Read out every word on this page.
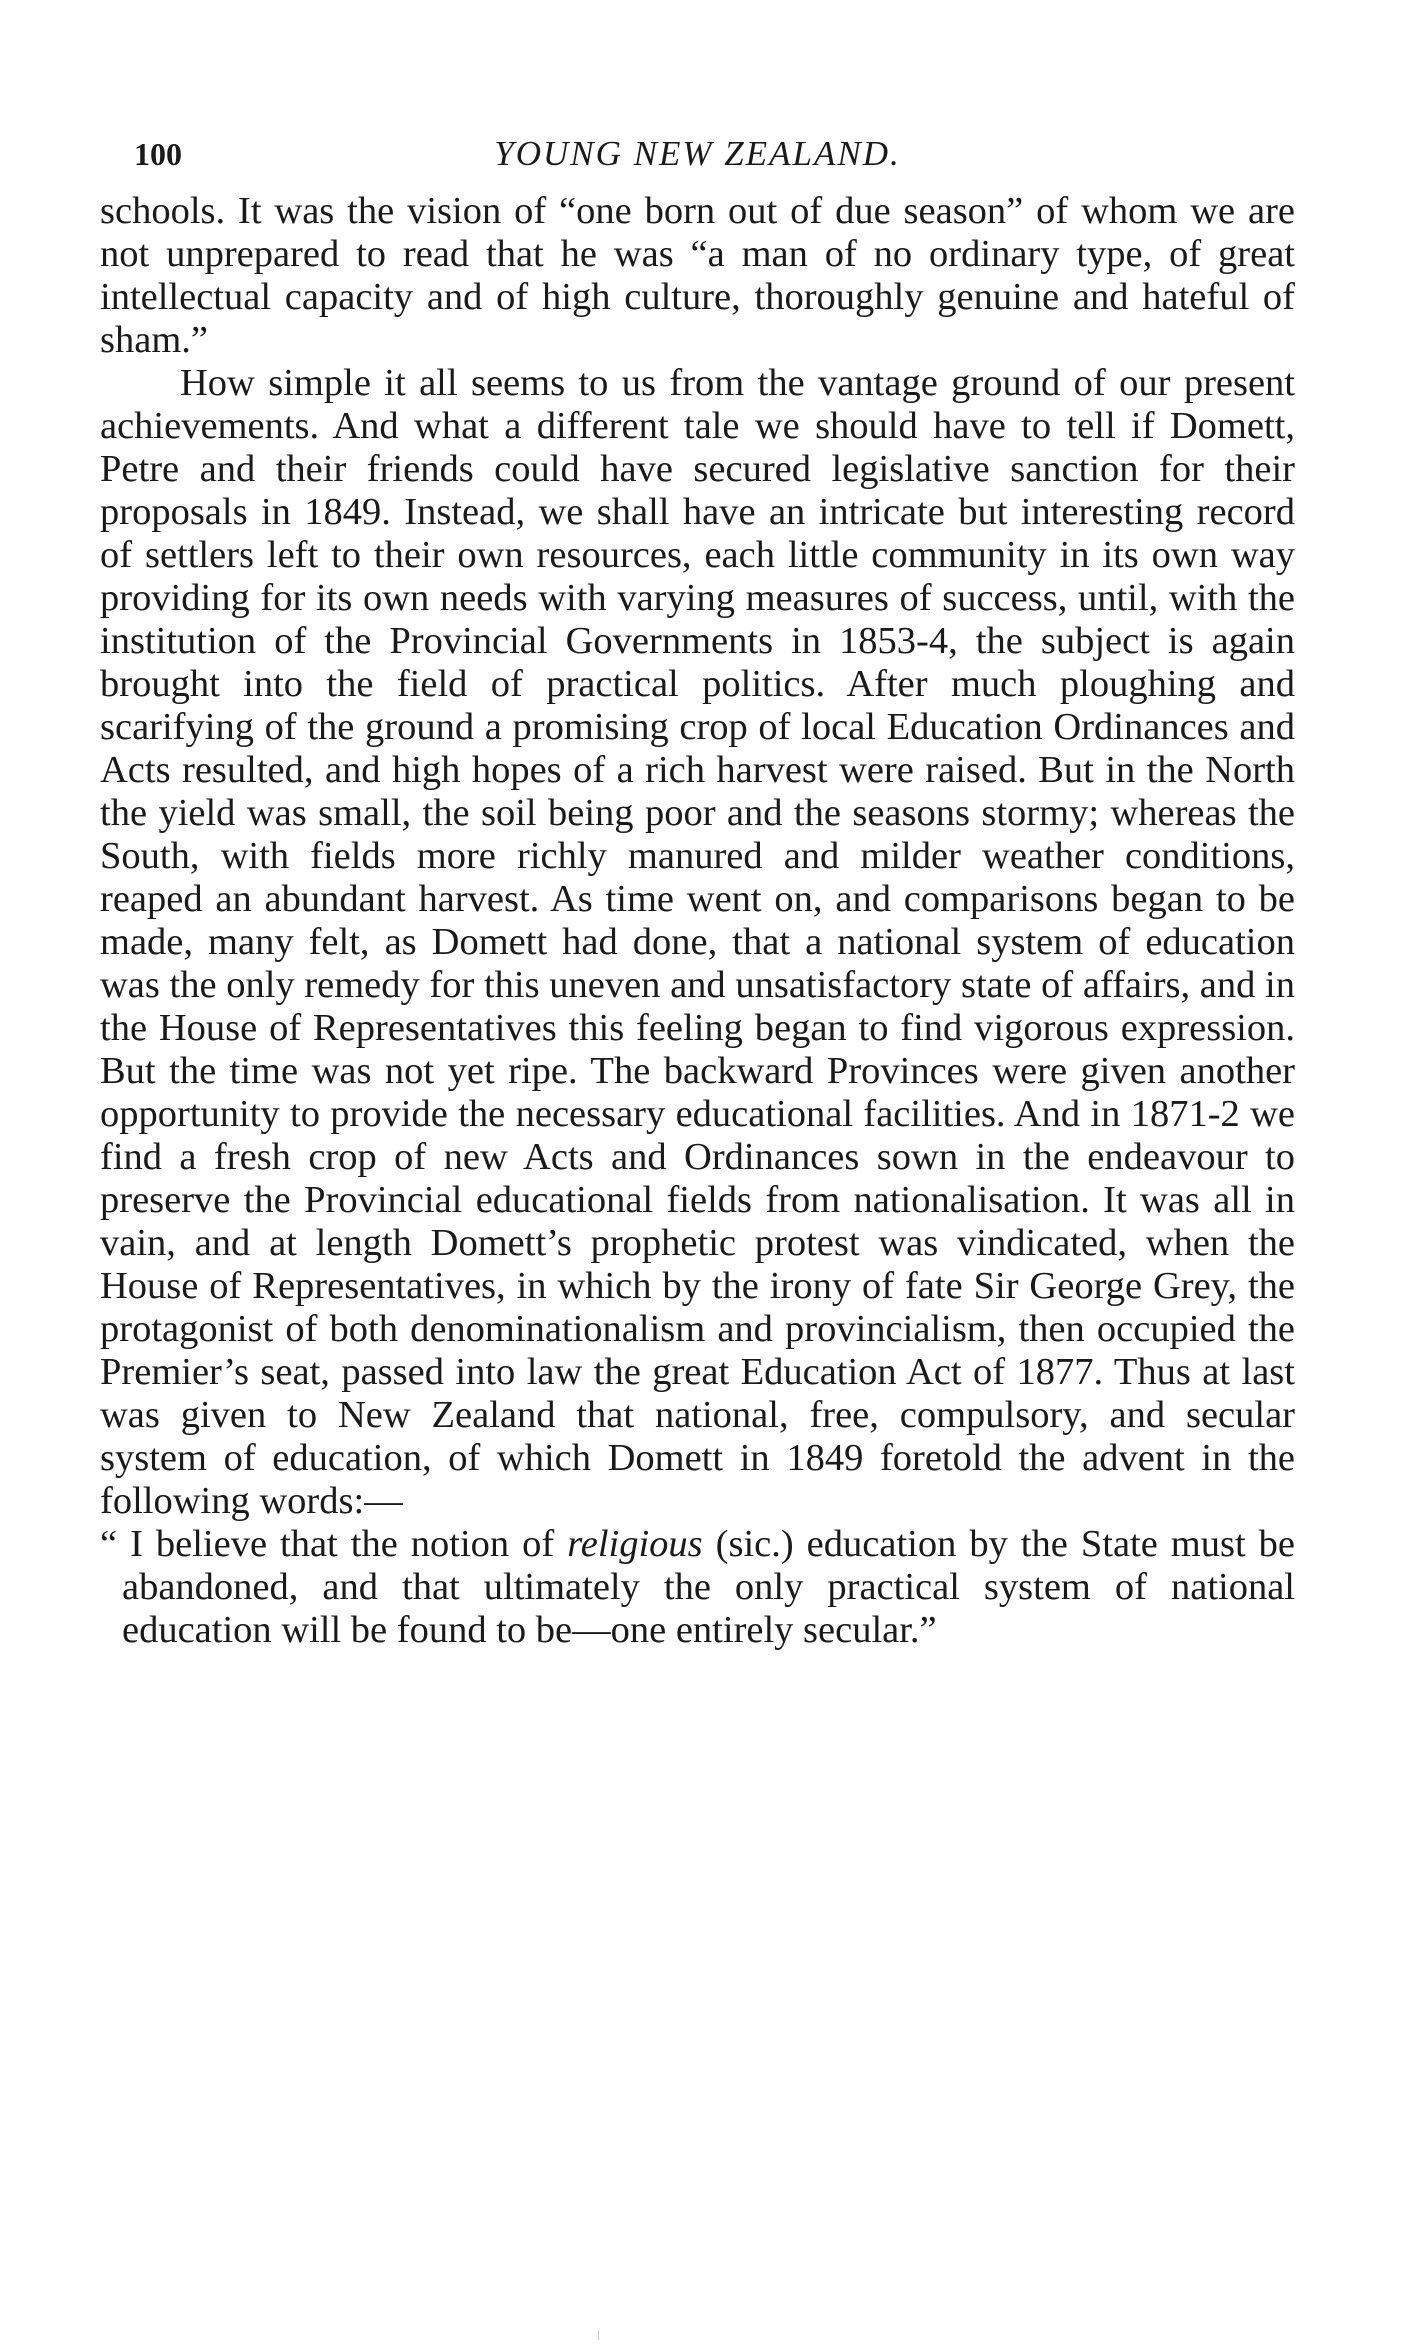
100	YOUNG NEW ZEALAND.

schools. It was the vision of “one born out of due season” of whom we are not unprepared to read that he was “a man of no ordinary type, of great intellectual capacity and of high culture, thoroughly genuine and hateful of sham.”

How simple it all seems to us from the vantage ground of our present achievements. And what a different tale we should have to tell if Domett, Petre and their friends could have secured legislative sanction for their proposals in 1849. Instead, we shall have an intricate but interesting record of settlers left to their own resources, each little community in its own way providing for its own needs with varying measures of success, until, with the institution of the Provincial Governments in 1853-4, the subject is again brought into the field of practical politics. After much ploughing and scarifying of the ground a promising crop of local Education Ordinances and Acts resulted, and high hopes of a rich harvest were raised. But in the North the yield was small, the soil being poor and the seasons stormy; whereas the South, with fields more richly manured and milder weather conditions, reaped an abundant harvest. As time went on, and comparisons began to be made, many felt, as Domett had done, that a national system of education was the only remedy for this uneven and unsatisfactory state of affairs, and in the House of Representatives this feeling began to find vigorous expression. But the time was not yet ripe. The backward Provinces were given another opportunity to provide the necessary educational facilities. And in 1871-2 we find a fresh crop of new Acts and Ordinances sown in the endeavour to preserve the Provincial educational fields from nationalisation. It was all in vain, and at length Domett’s prophetic protest was vindicated, when the House of Representatives, in which by the irony of fate Sir George Grey, the protagonist of both denominationalism and provincialism, then occupied the Premier’s seat, passed into law the great Education Act of 1877. Thus at last was given to New Zealand that national, free, compulsory, and secular system of education, of which Domett in 1849 foretold the advent in the following words:—

“ I believe that the notion of religious (sic.) education by the State must be abandoned, and that ultimately the only practical system of national education will be found to be—one entirely secular.”
